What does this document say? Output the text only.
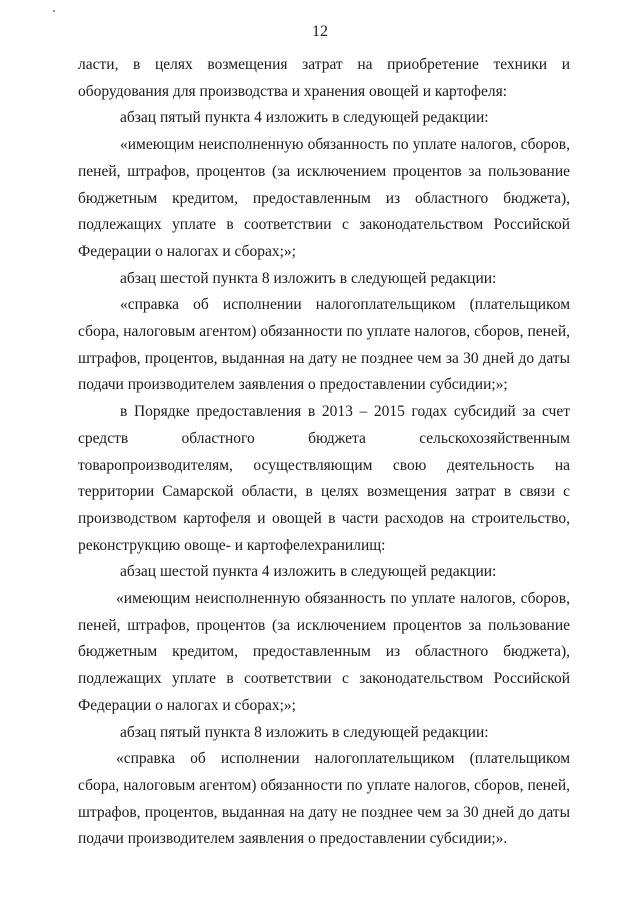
12

ласти, в целях возмещения затрат на приобретение техники и оборудования для производства и хранения овощей и картофеля:

абзац пятый пункта 4 изложить в следующей редакции:

«имеющим неисполненную обязанность по уплате налогов, сборов, пеней, штрафов, процентов (за исключением процентов за пользование бюджетным кредитом, предоставленным из областного бюджета), подлежащих уплате в соответствии с законодательством Российской Федерации о налогах и сборах;»;

абзац шестой пункта 8 изложить в следующей редакции:

«справка об исполнении налогоплательщиком (плательщиком сбора, налоговым агентом) обязанности по уплате налогов, сборов, пеней, штрафов, процентов, выданная на дату не позднее чем за 30 дней до даты подачи производителем заявления о предоставлении субсидии;»;

в Порядке предоставления в 2013 – 2015 годах субсидий за счет средств областного бюджета сельскохозяйственным товаропроизводителям, осуществляющим свою деятельность на территории Самарской области, в целях возмещения затрат в связи с производством картофеля и овощей в части расходов на строительство, реконструкцию овоще- и картофелехранилищ:

абзац шестой пункта 4 изложить в следующей редакции:

«имеющим неисполненную обязанность по уплате налогов, сборов, пеней, штрафов, процентов (за исключением процентов за пользование бюджетным кредитом, предоставленным из областного бюджета), подлежащих уплате в соответствии с законодательством Российской Федерации о налогах и сборах;»;

абзац пятый пункта 8 изложить в следующей редакции:

«справка об исполнении налогоплательщиком (плательщиком сбора, налоговым агентом) обязанности по уплате налогов, сборов, пеней, штрафов, процентов, выданная на дату не позднее чем за 30 дней до даты подачи производителем заявления о предоставлении субсидии;».
